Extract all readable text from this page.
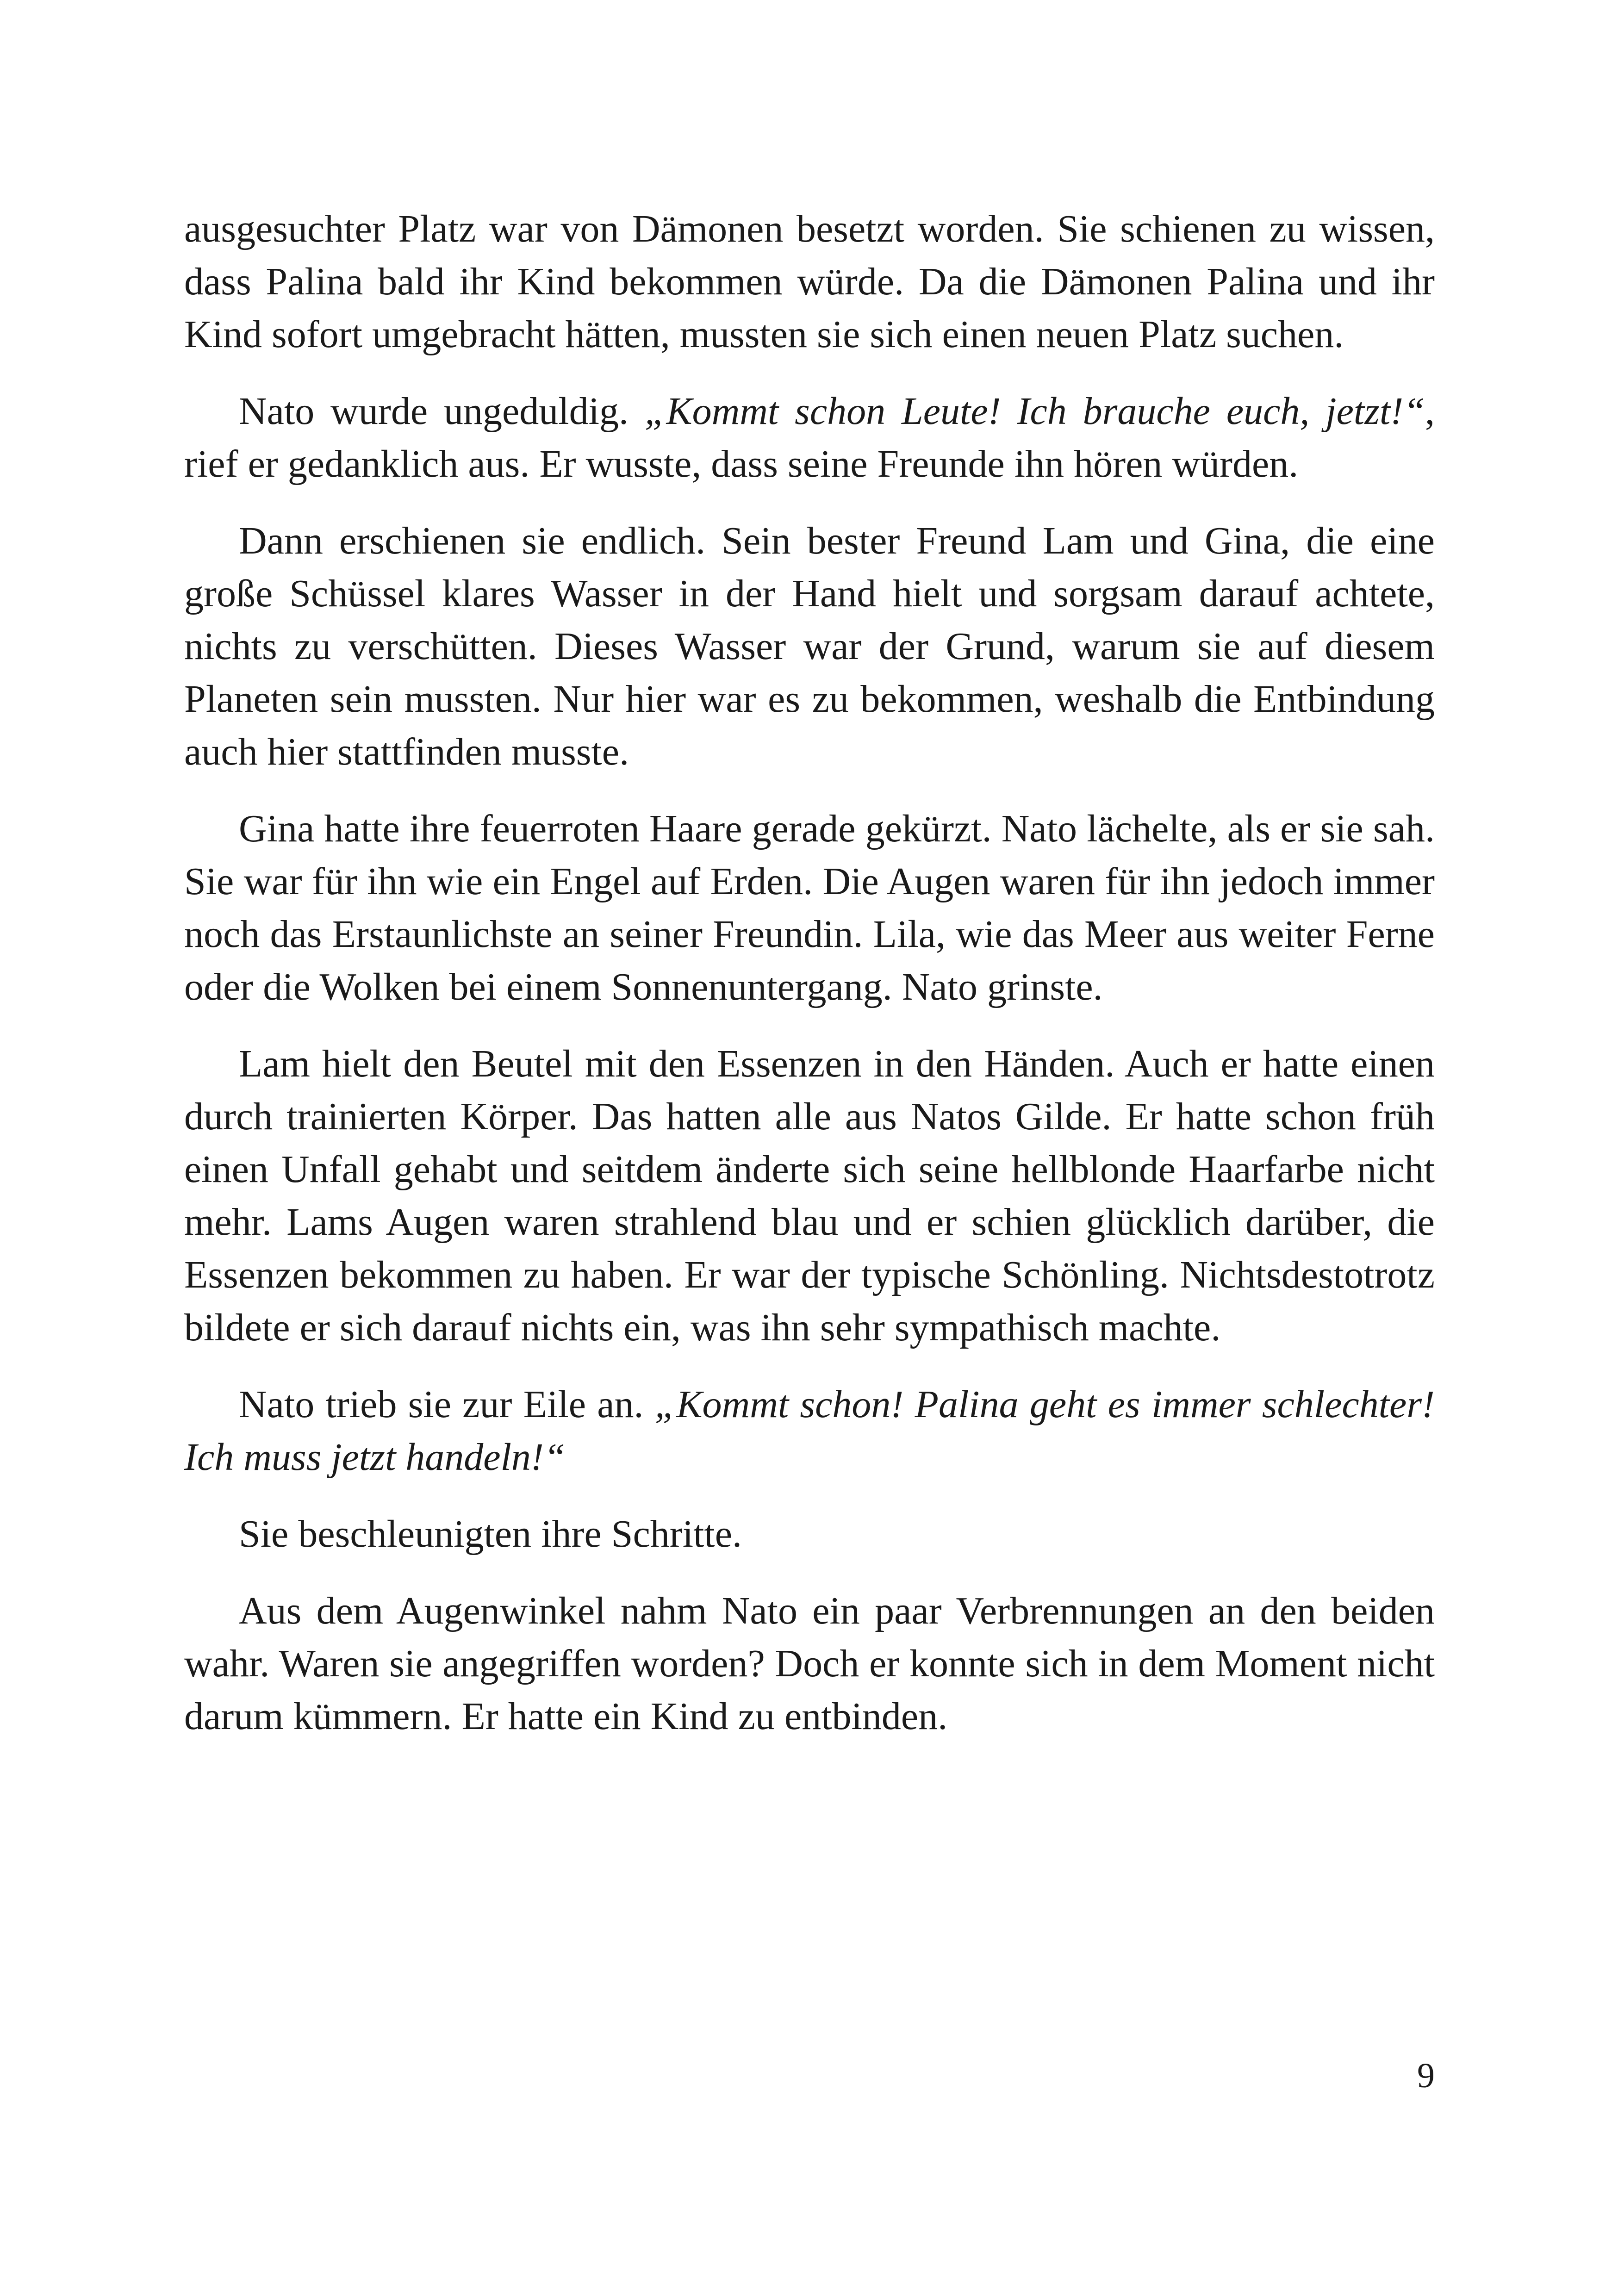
ausgesuchter Platz war von Dämonen besetzt worden. Sie schienen zu wissen, dass Palina bald ihr Kind bekommen würde. Da die Dämonen Palina und ihr Kind sofort umgebracht hätten, mussten sie sich einen neuen Platz suchen.

Nato wurde ungeduldig. „Kommt schon Leute! Ich brauche euch, jetzt!“, rief er gedanklich aus. Er wusste, dass seine Freunde ihn hören würden.

Dann erschienen sie endlich. Sein bester Freund Lam und Gina, die eine große Schüssel klares Wasser in der Hand hielt und sorgsam darauf achtete, nichts zu verschütten. Dieses Wasser war der Grund, warum sie auf diesem Planeten sein mussten. Nur hier war es zu bekommen, weshalb die Entbindung auch hier stattfinden musste.

Gina hatte ihre feuerroten Haare gerade gekürzt. Nato lächelte, als er sie sah. Sie war für ihn wie ein Engel auf Erden. Die Augen waren für ihn jedoch immer noch das Erstaunlichste an seiner Freundin. Lila, wie das Meer aus weiter Ferne oder die Wolken bei einem Sonnenuntergang. Nato grinste.

Lam hielt den Beutel mit den Essenzen in den Händen. Auch er hatte einen durch trainierten Körper. Das hatten alle aus Natos Gilde. Er hatte schon früh einen Unfall gehabt und seitdem änderte sich seine hellblonde Haarfarbe nicht mehr. Lams Augen waren strahlend blau und er schien glücklich darüber, die Essenzen bekommen zu haben. Er war der typische Schönling. Nichtsdestotrotz bildete er sich darauf nichts ein, was ihn sehr sympathisch machte.

Nato trieb sie zur Eile an. „Kommt schon! Palina geht es immer schlechter! Ich muss jetzt handeln!“

Sie beschleunigten ihre Schritte.

Aus dem Augenwinkel nahm Nato ein paar Verbrennungen an den beiden wahr. Waren sie angegriffen worden? Doch er konnte sich in dem Moment nicht darum kümmern. Er hatte ein Kind zu entbinden.

9
